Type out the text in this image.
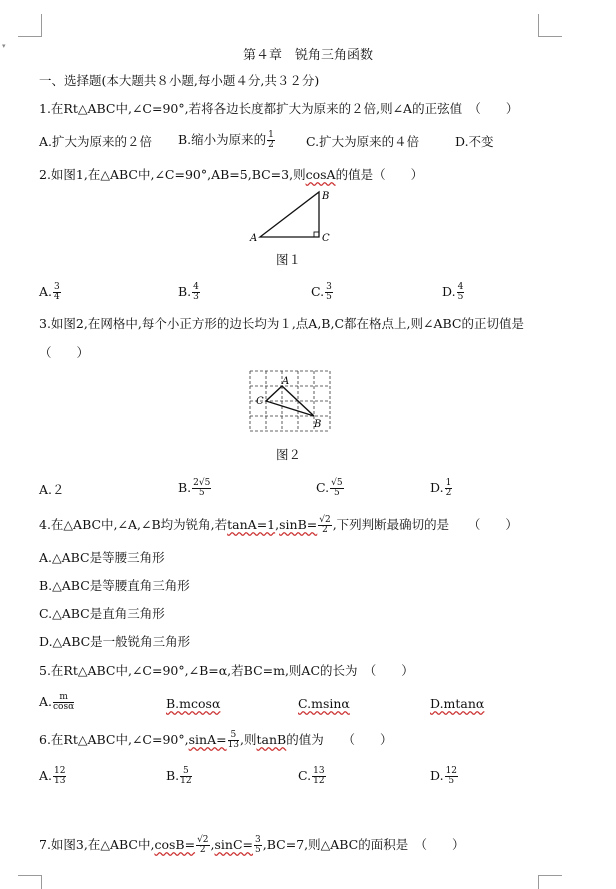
▾
第４章　锐角三角函数
一、选择题(本大题共８小题,每小题４分,共３２分)
1.在Rt△ABC中,∠C=90°,若将各边长度都扩大为原来的２倍,则∠A的正弦值　（　　）
A.扩大为原来的２倍 B.缩小为原来的 $\frac{1}{2} C$.扩大为原来的４倍	D.不变
2.如图1,在△ABC中,∠C=90°,AB=5,BC=3,则cosA的值是（　　）
A
B
C
图１
A. $\frac{3}{4}$	B. $\frac{4}{3}$	C. $\frac{3}{5}$	D. $\frac{4}{5}$
3.如图2,在网格中,每个小正方形的边长均为１,点A,B,C都在格点上,则∠ABC的正切值是
（　　）
A
C
B
图２
A.２	B. $\frac{2√5}{5}$	C. $\frac{√5}{5}$	D. $\frac{1}{2}$
4.在△ABC中,∠A,∠B均为锐角,若$\tan A=1,\sin B= \frac{√2}{2}$ ,下列判断最确切的是　　（　　）
A.△ABC是等腰三角形
B.△ABC是等腰直角三角形
C.△ABC是直角三角形
D.△ABC是一般锐角三角形
5.在Rt△ABC中,∠C=90°,∠B=α,若BC=m,则AC的长为　（　　）
A. $\frac{m}{\cos\alpha}$	B.mcosα	C.msinα	D.mtanα
6.在Rt△ABC中,∠C=90°,sinA= $\frac{5}{13}$ ,则tanB的值为　　（　　）
A. $\frac{12}{13}$	B. $\frac{5}{12}$	C. $\frac{13}{12}$	D. $\frac{12}{5}$
7.如图3,在△ABC中$,\cos B= \frac{√2}{2} ,\sin C= \frac{3}{5} ,BC=7$,则△ABC的面积是　（　　）
